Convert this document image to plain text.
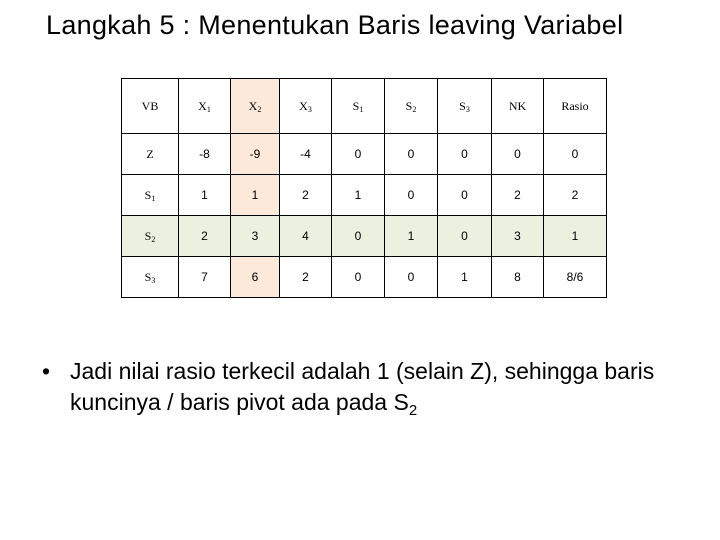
Langkah 5 : Menentukan Baris leaving Variabel
VB	$X_1$	$X_2$	$X_3$	$S_1$	$S_2$	$S_3$	NK	Rasio
Z	-8	-9	-4	0	0	0	0	0
$S_1$	1	1	2	1	0	0	2	2
$S_2$	2	3	4	0	1	0	3	1
$S_3$	7	6	2	0	0	1	8	8/6
• Jadi nilai rasio terkecil adalah 1 (selain Z), sehingga baris kuncinya / baris pivot ada pada $S_2$
